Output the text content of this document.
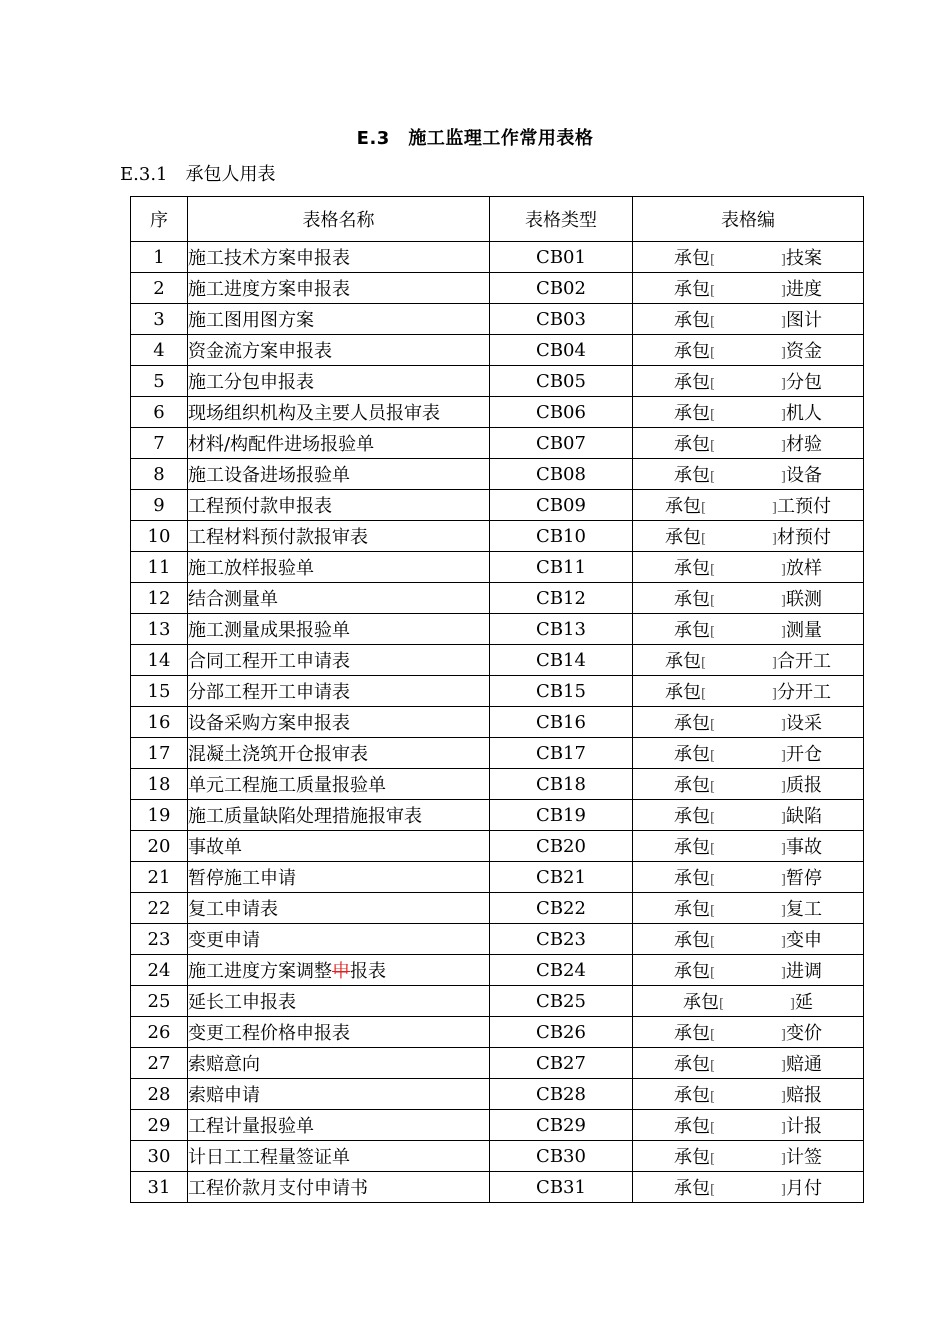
E.3　施工监理工作常用表格
E.3.1　承包人用表
序	表格名称	表格类型	表格编
1	施工技术方案申报表	CB01	承包[ ]技案
2	施工进度方案申报表	CB02	承包[ ]进度
3	施工图用图方案	CB03	承包[ ]图计
4	资金流方案申报表	CB04	承包[ ]资金
5	施工分包申报表	CB05	承包[ ]分包
6	现场组织机构及主要人员报审表	CB06	承包[ ]机人
7	材料/构配件进场报验单	CB07	承包[ ]材验
8	施工设备进场报验单	CB08	承包[ ]设备
9	工程预付款申报表	CB09	承包[ ]工预付
10	工程材料预付款报审表	CB10	承包[ ]材预付
11	施工放样报验单	CB11	承包[ ]放样
12	结合测量单	CB12	承包[ ]联测
13	施工测量成果报验单	CB13	承包[ ]测量
14	合同工程开工申请表	CB14	承包[ ]合开工
15	分部工程开工申请表	CB15	承包[ ]分开工
16	设备采购方案申报表	CB16	承包[ ]设采
17	混凝土浇筑开仓报审表	CB17	承包[ ]开仓
18	单元工程施工质量报验单	CB18	承包[ ]质报
19	施工质量缺陷处理措施报审表	CB19	承包[ ]缺陷
20	事故单	CB20	承包[ ]事故
21	暂停施工申请	CB21	承包[ ]暂停
22	复工申请表	CB22	承包[ ]复工
23	变更申请	CB23	承包[ ]变申
24	施工进度方案调整申报表	CB24	承包[ ]进调
25	延长工申报表	CB25	承包[ ]延
26	变更工程价格申报表	CB26	承包[ ]变价
27	索赔意向	CB27	承包[ ]赔通
28	索赔申请	CB28	承包[ ]赔报
29	工程计量报验单	CB29	承包[ ]计报
30	计日工工程量签证单	CB30	承包[ ]计签
31	工程价款月支付申请书	CB31	承包[ ]月付
